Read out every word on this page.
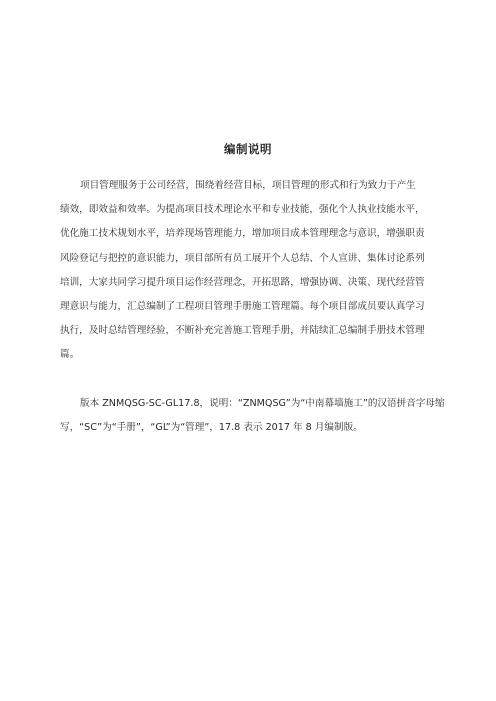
编制说明
项目管理服务于公司经营，围绕着经营目标，项目管理的形式和行为致力于产生
绩效，即效益和效率。为提高项目技术理论水平和专业技能，强化个人执业技能水平，
优化施工技术规划水平，培养现场管理能力，增加项目成本管理理念与意识，增强职责
风险登记与把控的意识能力，项目部所有员工展开个人总结、个人宣讲、集体讨论系列
培训，大家共同学习提升项目运作经营理念，开拓思路，增强协调、决策、现代经营管
理意识与能力，汇总编制了工程项目管理手册施工管理篇。每个项目部成员要认真学习
执行，及时总结管理经验，不断补充完善施工管理手册，并陆续汇总编制手册技术管理
篇。
版本 ZNMQSG-SC-GL17.8，说明：“ZNMQSG”为“中南幕墙施工”的汉语拼音字母缩
写，“SC”为“手册”，“GL”为“管理”，17.8 表示 2017 年 8 月编制版。
